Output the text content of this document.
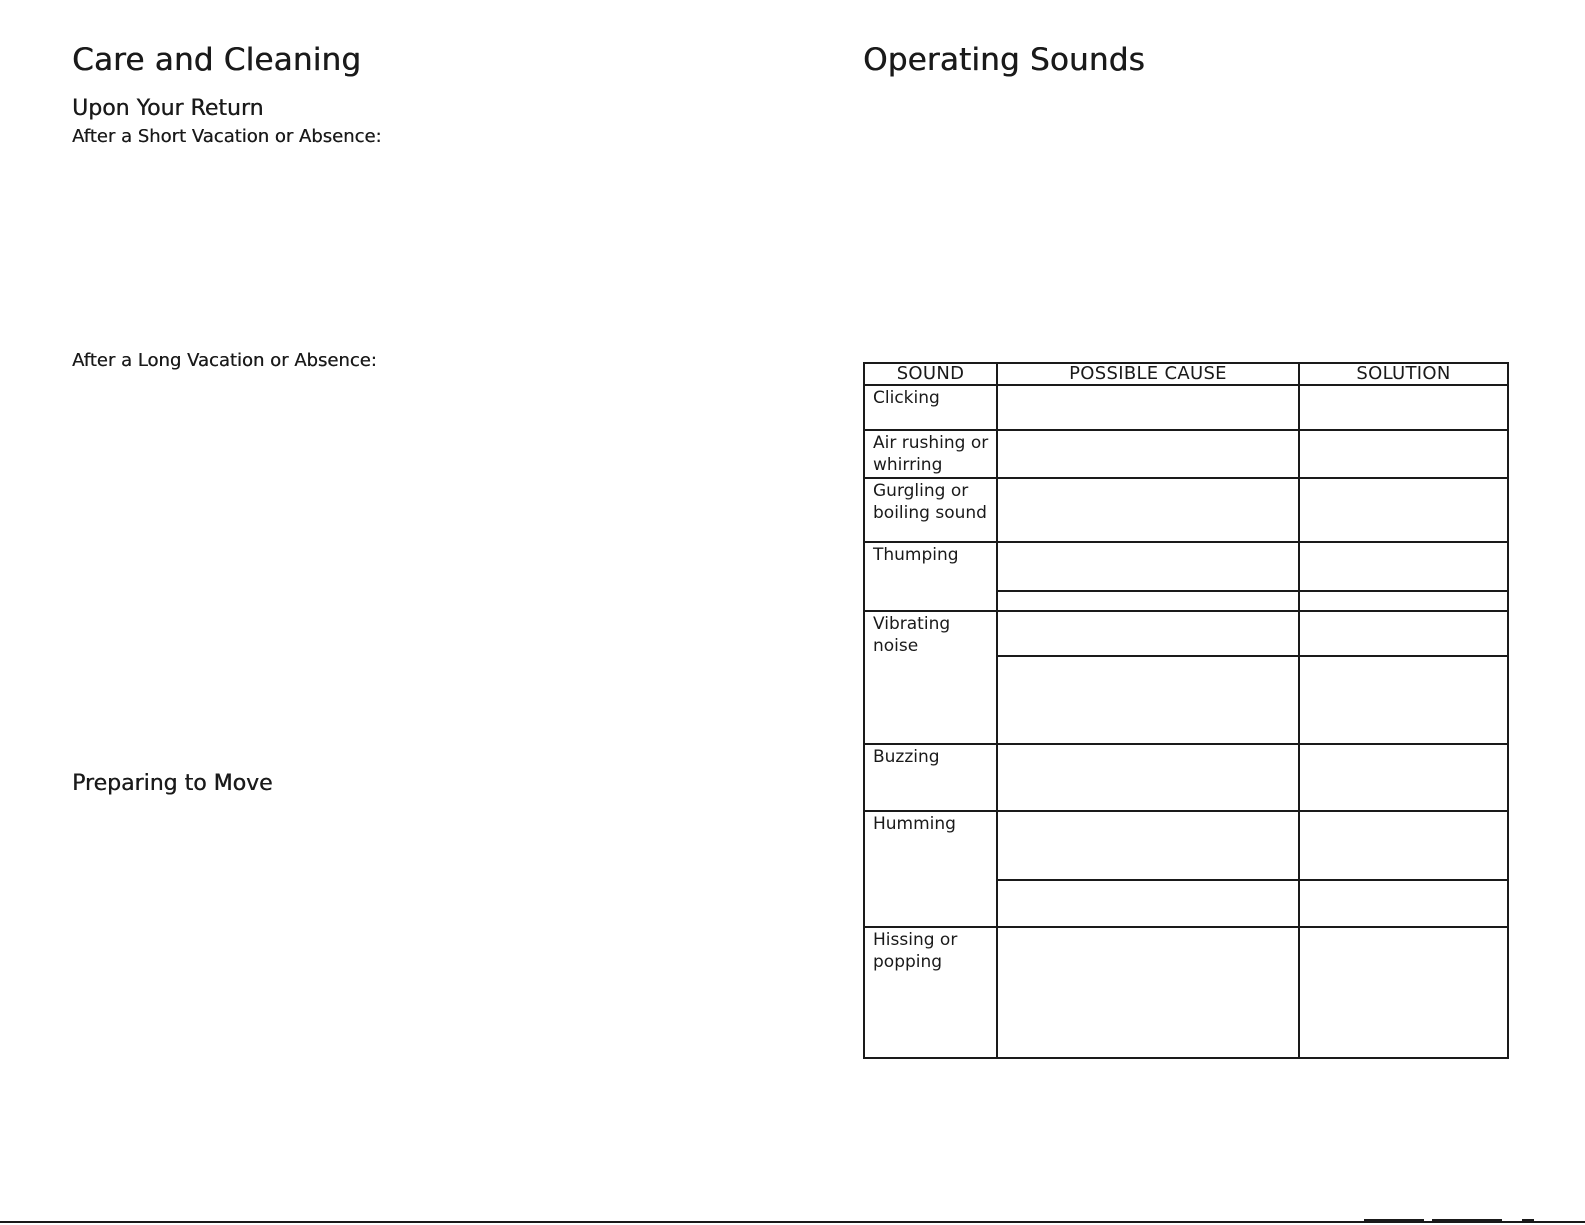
Care and Cleaning
Upon Your Return
After a Short Vacation or Absence:
After a Long Vacation or Absence:
Preparing to Move
Operating Sounds
SOUND	POSSIBLE CAUSE	SOLUTION
Clicking		
Air rushing or whirring		
Gurgling or boiling sound		
Thumping		

Vibrating noise		

Buzzing		
Humming		

Hissing or popping		
